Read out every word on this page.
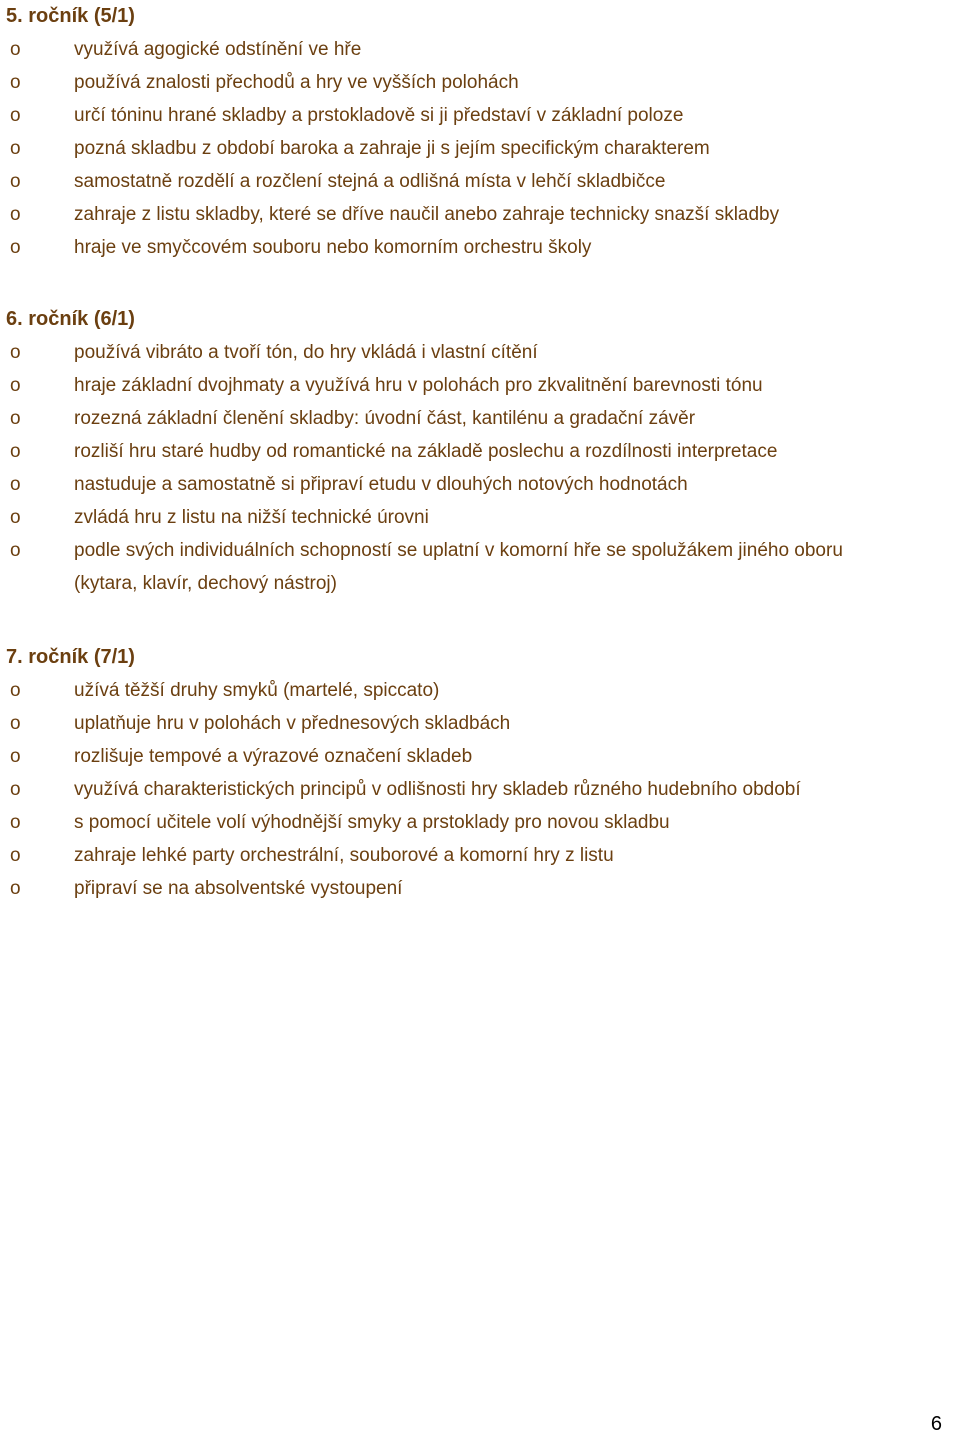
5. ročník (5/1)
o	využívá agogické odstínění ve hře
o	používá znalosti přechodů a hry ve vyšších polohách
o	určí tóninu hrané skladby a prstokladově si ji představí v základní poloze
o	pozná skladbu z období baroka a zahraje ji s jejím specifickým charakterem
o	samostatně rozdělí a rozčlení stejná a odlišná místa v lehčí skladbičce
o	zahraje z listu skladby, které se dříve naučil anebo zahraje technicky snazší skladby
o	hraje ve smyčcovém souboru nebo komorním orchestru školy
6. ročník (6/1)
o	používá vibráto a tvoří tón, do hry vkládá i vlastní cítění
o	hraje základní dvojhmaty a využívá hru v polohách pro zkvalitnění barevnosti tónu
o	rozezná základní členění skladby: úvodní část, kantilénu a gradační závěr
o	rozliší hru staré hudby od romantické na základě poslechu a rozdílnosti interpretace
o	nastuduje a samostatně si připraví etudu v dlouhých notových hodnotách
o	zvládá hru z listu na nižší technické úrovni
o	podle svých individuálních schopností se uplatní v komorní hře se spolužákem jiného oboru (kytara, klavír, dechový nástroj)
7. ročník (7/1)
o	užívá těžší druhy smyků (martelé, spiccato)
o	uplatňuje hru v polohách v přednesových skladbách
o	rozlišuje tempové a výrazové označení skladeb
o	využívá charakteristických principů v odlišnosti hry skladeb různého hudebního období
o	s pomocí učitele volí výhodnější smyky a prstoklady pro novou skladbu
o	zahraje lehké party orchestrální, souborové a komorní hry z listu
o	připraví se na absolventské vystoupení
6
